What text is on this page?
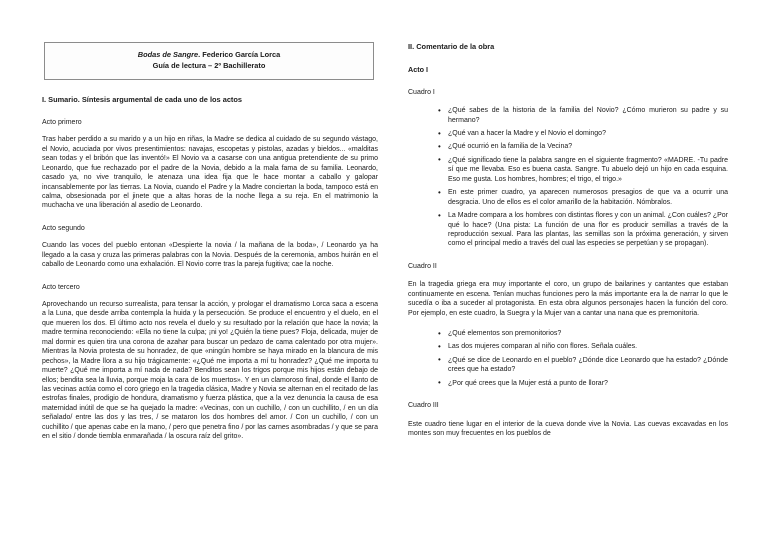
Bodas de Sangre. Federico García Lorca
Guía de lectura – 2º Bachillerato
I. Sumario. Síntesis argumental de cada uno de los actos
Acto primero

Tras haber perdido a su marido y a un hijo en riñas, la Madre se dedica al cuidado de su segundo vástago, el Novio, acuciada por vivos presentimientos: navajas, escopetas y pistolas, azadas y bieldos... «malditas sean todas y el bribón que las inventó!» El Novio va a casarse con una antigua pretendiente de su primo Leonardo, que fue rechazado por el padre de la Novia, debido a la mala fama de su familia. Leonardo, casado ya, no vive tranquilo, le atenaza una idea fija que le hace montar a caballo y galopar incansablemente por las tierras. La Novia, cuando el Padre y la Madre conciertan la boda, tampoco está en calma, obsesionada por el jinete que a altas horas de la noche llega a su reja. En el matrimonio la muchacha ve una liberación al asedio de Leonardo.

Acto segundo

Cuando las voces del pueblo entonan «Despierte la novia / la mañana de la boda», / Leonardo ya ha llegado a la casa y cruza las primeras palabras con la Novia. Después de la ceremonia, ambos huirán en el caballo de Leonardo como una exhalación. El Novio corre tras la pareja fugitiva; cae la noche.

Acto tercero

Aprovechando un recurso surrealista, para tensar la acción, y prologar el dramatismo Lorca saca a escena a la Luna, que desde arriba contempla la huida y la persecución. Se produce el encuentro y el duelo, en el que mueren los dos. El último acto nos revela el duelo y su resultado por la relación que hace la novia; la madre termina reconociendo: «Ella no tiene la culpa; ¡ni yo! ¿Quién la tiene pues? Floja, delicada, mujer de mal dormir es quien tira una corona de azahar para buscar un pedazo de cama calentado por otra mujer». Mientras la Novia protesta de su honradez, de que «ningún hombre se haya mirado en la blancura de mis pechos», la Madre llora a su hijo trágicamente: «¿Qué me importa a mí tu honradez? ¿Qué me importa tu muerte? ¿Qué me importa a mí nada de nada? Benditos sean los trigos porque mis hijos están debajo de ellos; bendita sea la lluvia, porque moja la cara de los muertos». Y en un clamoroso final, donde el llanto de las vecinas actúa como el coro griego en la tragedia clásica, Madre y Novia se alternan en el recitado de las estrofas finales, prodigio de hondura, dramatismo y fuerza plástica, que a la vez denuncia la causa de esa maternidad inútil de que se ha quejado la madre: «Vecinas, con un cuchillo, / con un cuchillito, / en un día señalado/ entre las dos y las tres, / se mataron los dos hombres del amor. / Con un cuchillo, / con un cuchillito / que apenas cabe en la mano, / pero que penetra fino / por las carnes asombradas / y que se para en el sitio / donde tiembla enmarañada / la oscura raíz del grito».

II. Comentario de la obra
Acto I
Cuadro I
• ¿Qué sabes de la historia de la familia del Novio? ¿Cómo murieron su padre y su hermano?
• ¿Qué van a hacer la Madre y el Novio el domingo?
• ¿Qué ocurrió en la familia de la Vecina?
• ¿Qué significado tiene la palabra sangre en el siguiente fragmento? «MADRE. -Tu padre sí que me llevaba. Eso es buena casta. Sangre. Tu abuelo dejó un hijo en cada esquina. Eso me gusta. Los hombres, hombres; el trigo, el trigo.»
• En este primer cuadro, ya aparecen numerosos presagios de que va a ocurrir una desgracia. Uno de ellos es el color amarillo de la habitación. Nómbralos.
• La Madre compara a los hombres con distintas flores y con un animal. ¿Con cuáles? ¿Por qué lo hace? (Una pista: La función de una flor es producir semillas a través de la reproducción sexual. Para las plantas, las semillas son la próxima generación, y sirven como el principal medio a través del cual las especies se perpetúan y se propagan).
Cuadro II

En la tragedia griega era muy importante el coro, un grupo de bailarines y cantantes que estaban continuamente en escena. Tenían muchas funciones pero la más importante era la de narrar lo que le sucedía o iba a suceder al protagonista. En esta obra algunos personajes hacen la función del coro. Por ejemplo, en este cuadro, la Suegra y la Mujer van a cantar una nana que es premonitoria.

• ¿Qué elementos son premonitorios?
• Las dos mujeres comparan al niño con flores. Señala cuáles.
• ¿Qué se dice de Leonardo en el pueblo? ¿Dónde dice Leonardo que ha estado? ¿Dónde crees que ha estado?
• ¿Por qué crees que la Mujer está a punto de llorar?
Cuadro III

Este cuadro tiene lugar en el interior de la cueva donde vive la Novia. Las cuevas excavadas en los montes son muy frecuentes en los pueblos de
